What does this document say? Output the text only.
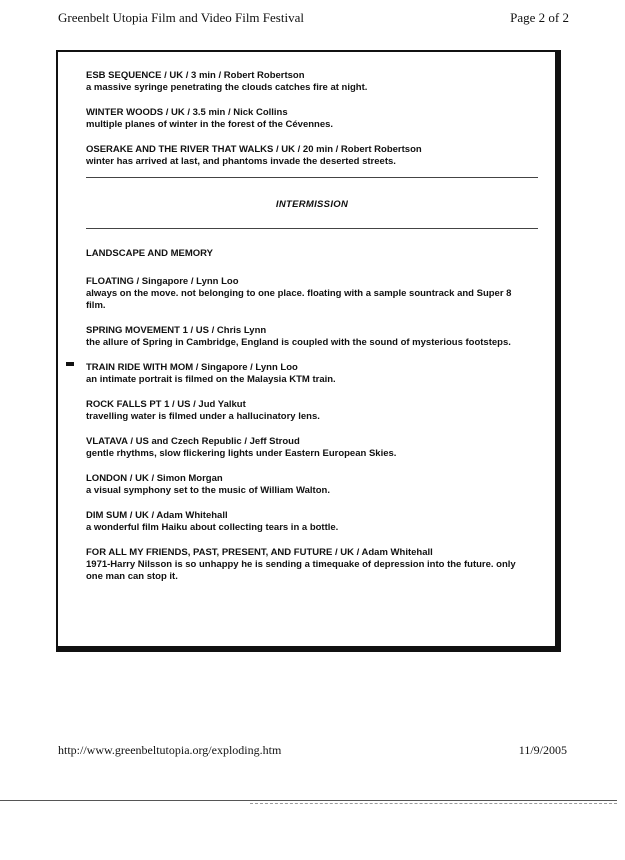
Greenbelt Utopia Film and Video Film Festival	Page 2 of 2
ESB SEQUENCE / UK / 3 min / Robert Robertson
a massive syringe penetrating the clouds catches fire at night.
WINTER WOODS / UK / 3.5 min / Nick Collins
multiple planes of winter in the forest of the Cévennes.
OSERAKE AND THE RIVER THAT WALKS / UK / 20 min / Robert Robertson
winter has arrived at last, and phantoms invade the deserted streets.
INTERMISSION
LANDSCAPE AND MEMORY
FLOATING / Singapore / Lynn Loo
always on the move. not belonging to one place. floating with a sample sountrack and Super 8 film.
SPRING MOVEMENT 1 / US / Chris Lynn
the allure of Spring in Cambridge, England is coupled with the sound of mysterious footsteps.
TRAIN RIDE WITH MOM / Singapore / Lynn Loo
an intimate portrait is filmed on the Malaysia KTM train.
ROCK FALLS PT 1 / US / Jud Yalkut
travelling water is filmed under a hallucinatory lens.
VLATAVA / US and Czech Republic / Jeff Stroud
gentle rhythms, slow flickering lights under Eastern European Skies.
LONDON / UK / Simon Morgan
a visual symphony set to the music of William Walton.
DIM SUM / UK / Adam Whitehall
a wonderful film Haiku about collecting tears in a bottle.
FOR ALL MY FRIENDS, PAST, PRESENT, AND FUTURE / UK / Adam Whitehall
1971-Harry Nilsson is so unhappy he is sending a timequake of depression into the future. only one man can stop it.
http://www.greenbeltutopia.org/exploding.htm	11/9/2005
